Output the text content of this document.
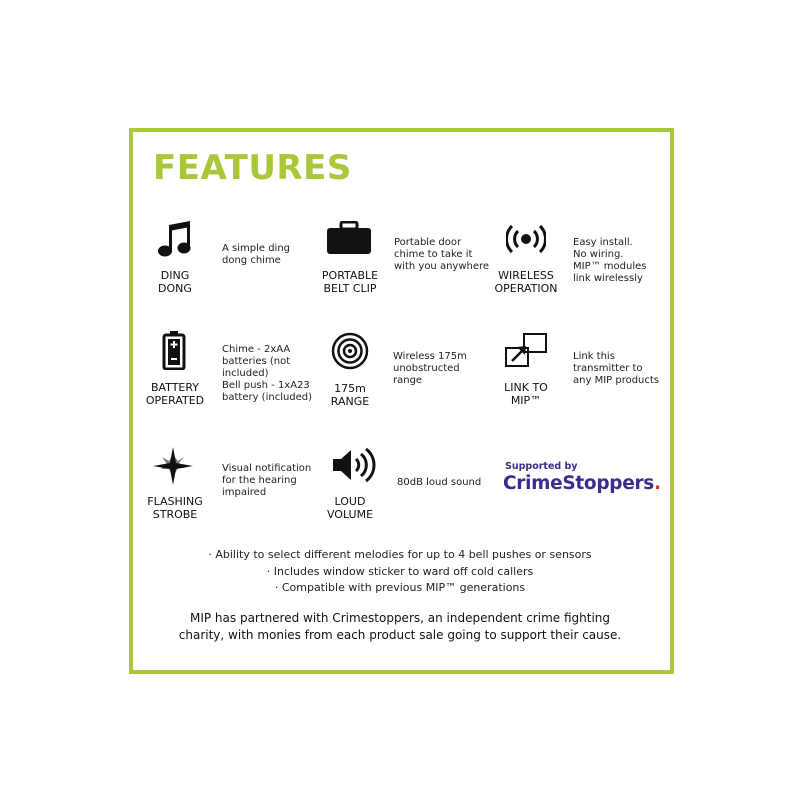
FEATURES
DING
DONG
A simple ding
dong chime
PORTABLE
BELT CLIP
Portable door
chime to take it
with you anywhere
WIRELESS
OPERATION
Easy install.
No wiring.
MIP™ modules
link wirelessly
BATTERY
OPERATED
Chime - 2xAA
batteries (not
included)
Bell push - 1xA23
battery (included)
175m
RANGE
Wireless 175m
unobstructed
range
LINK TO
MIP™
Link this
transmitter to
any MIP products
FLASHING
STROBE
Visual notification
for the hearing
impaired
LOUD
VOLUME
80dB loud sound
Supported by
CrimeStoppers.
· Ability to select different melodies for up to 4 bell pushes or sensors
· Includes window sticker to ward off cold callers
· Compatible with previous MIP™ generations
MIP has partnered with Crimestoppers, an independent crime fighting
charity, with monies from each product sale going to support their cause.
